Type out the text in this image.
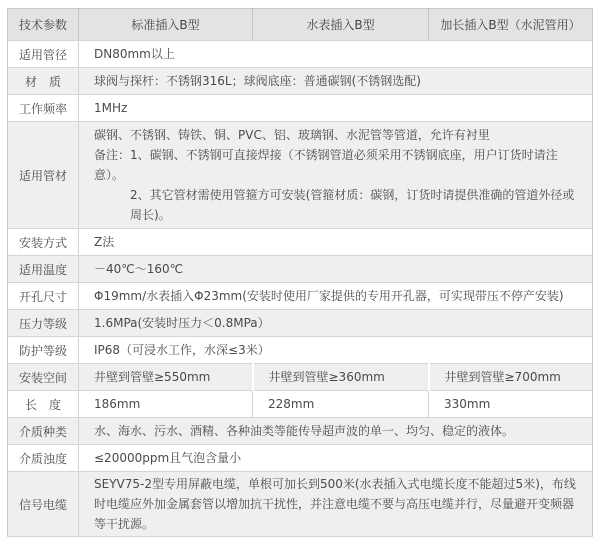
技术参数	标准插入B型	水表插入B型	加长插入B型（水泥管用）
适用管径	DN80mm以上		
材　质	球阀与探杆：不锈钢316L；球阀底座：普通碳钢(不锈钢选配)		
工作频率	1MHz		
适用管材	碳钢、不锈钢、铸铁、铜、PVC、铝、玻璃钢、水泥管等管道，允许有衬里
备注：1、碳钢、不锈钢可直接焊接（不锈钢管道必须采用不锈钢底座，用户订货时请注意）。
2、其它管材需使用管箍方可安装(管箍材质：碳钢，订货时请提供准确的管道外径或周长)。		

安装方式	Z法		
适用温度	－40℃～160℃		
开孔尺寸	Φ19mm/水表插入Φ23mm(安装时使用厂家提供的专用开孔器，可实现带压不停产安装)		
压力等级	1.6MPa(安装时压力＜0.8MPa）		
防护等级	IP68（可浸水工作，水深≤3米）		
安装空间	井壁到管壁≥550mm	井壁到管壁≥360mm	井壁到管壁≥700mm
长　度	186mm	228mm	330mm
介质种类	水、海水、污水、酒精、各种油类等能传导超声波的单一、均匀、稳定的液体。		
介质浊度	≤20000ppm且气泡含量小		
信号电缆	SEYV75-2型专用屏蔽电缆，单根可加长到500米(水表插入式电缆长度不能超过5米)，布线时电缆应外加金属套管以增加抗干扰性，并注意电缆不要与高压电缆并行，尽量避开变频器等干扰源。		
